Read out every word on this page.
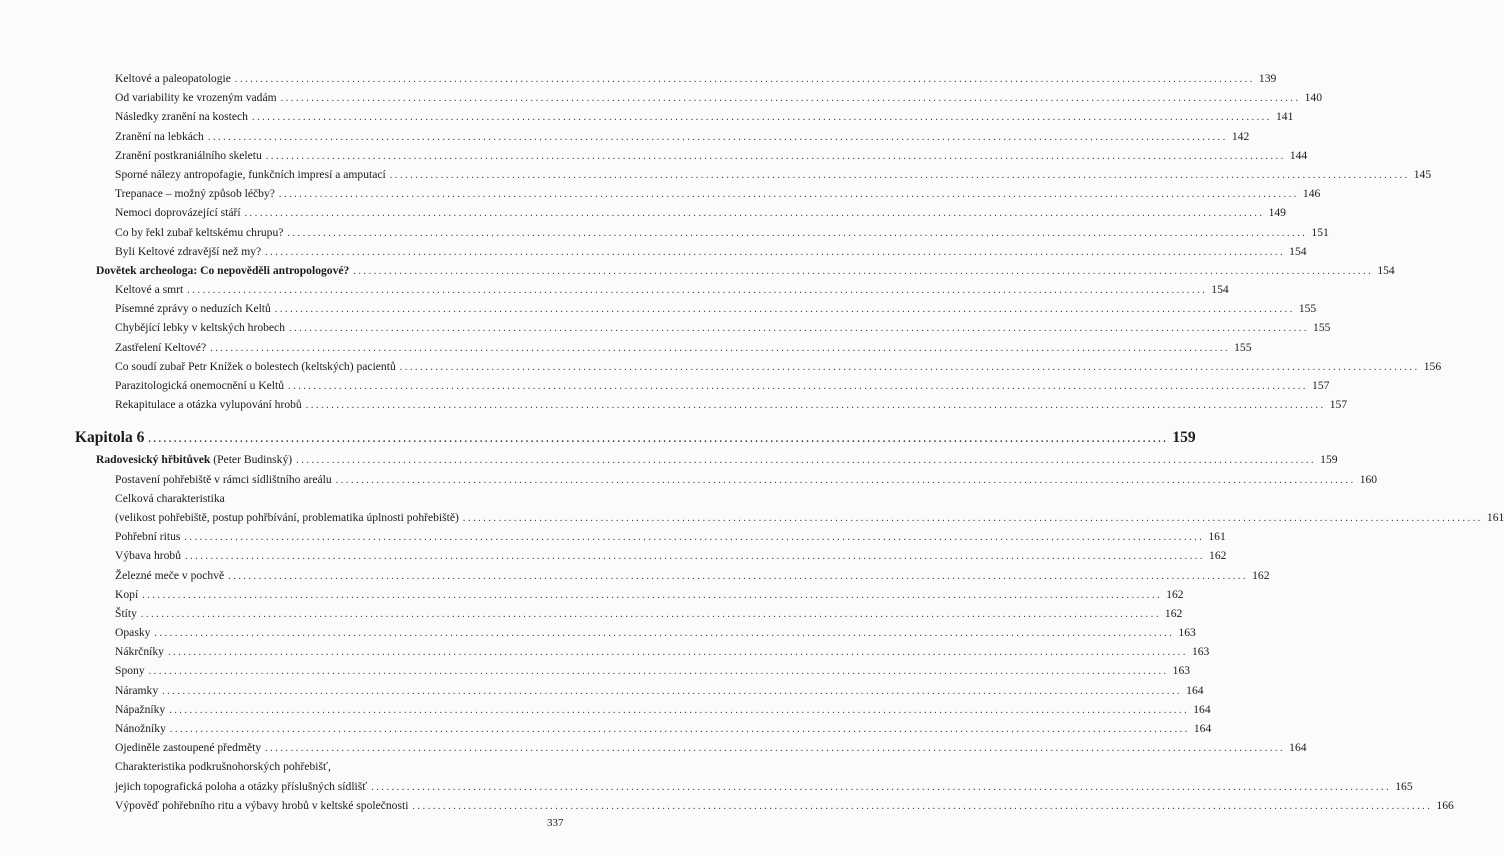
Keltové a paleopatologie ........................................................................................................................................................................................................ 139
Od variability ke vrozeným vadám ........................................................................................................................................................................................................ 140
Následky zranění na kostech ........................................................................................................................................................................................................ 141
Zranění na lebkách ........................................................................................................................................................................................................ 142
Zranění postkraniálního skeletu ........................................................................................................................................................................................................ 144
Sporné nálezy antropofagie, funkčních impresí a amputací ........................................................................................................................................................................................................ 145
Trepanace – možný způsob léčby? ........................................................................................................................................................................................................ 146
Nemoci doprovázející stáří ........................................................................................................................................................................................................ 149
Co by řekl zubař keltskému chrupu? ........................................................................................................................................................................................................ 151
Byli Keltové zdravější než my? ........................................................................................................................................................................................................ 154
Dovětek archeologa: Co nepověděli antropologové? ........................................................................................................................................................................................................ 154
Keltové a smrt ........................................................................................................................................................................................................ 154
Písemné zprávy o neduzích Keltů ........................................................................................................................................................................................................ 155
Chybějící lebky v keltských hrobech ........................................................................................................................................................................................................ 155
Zastřelení Keltové? ........................................................................................................................................................................................................ 155
Co soudí zubař Petr Knížek o bolestech (keltských) pacientů ........................................................................................................................................................................................................ 156
Parazitologická onemocnění u Keltů ........................................................................................................................................................................................................ 157
Rekapitulace a otázka vylupování hrobů ........................................................................................................................................................................................................ 157
Kapitola 6 ........................................................................................................................................................................................................ 159
Radovesický hřbitůvek (Peter Budinský) ........................................................................................................................................................................................................ 159
Postavení pohřebiště v rámci sídlištního areálu ........................................................................................................................................................................................................ 160
Celková charakteristika
(velikost pohřebiště, postup pohřbívání, problematika úplnosti pohřebiště) ........................................................................................................................................................................................................ 161
Pohřební ritus ........................................................................................................................................................................................................ 161
Výbava hrobů ........................................................................................................................................................................................................ 162
Železné meče v pochvě ........................................................................................................................................................................................................ 162
Kopí ........................................................................................................................................................................................................ 162
Štíty ........................................................................................................................................................................................................ 162
Opasky ........................................................................................................................................................................................................ 163
Nákrčníky ........................................................................................................................................................................................................ 163
Spony ........................................................................................................................................................................................................ 163
Náramky ........................................................................................................................................................................................................ 164
Nápažníky ........................................................................................................................................................................................................ 164
Nánožníky ........................................................................................................................................................................................................ 164
Ojediněle zastoupené předměty ........................................................................................................................................................................................................ 164
Charakteristika podkrušnohorských pohřebišť,
jejich topografická poloha a otázky příslušných sídlišť ........................................................................................................................................................................................................ 165
Výpověď pohřebního ritu a výbavy hrobů v keltské společnosti ........................................................................................................................................................................................................ 166
337
